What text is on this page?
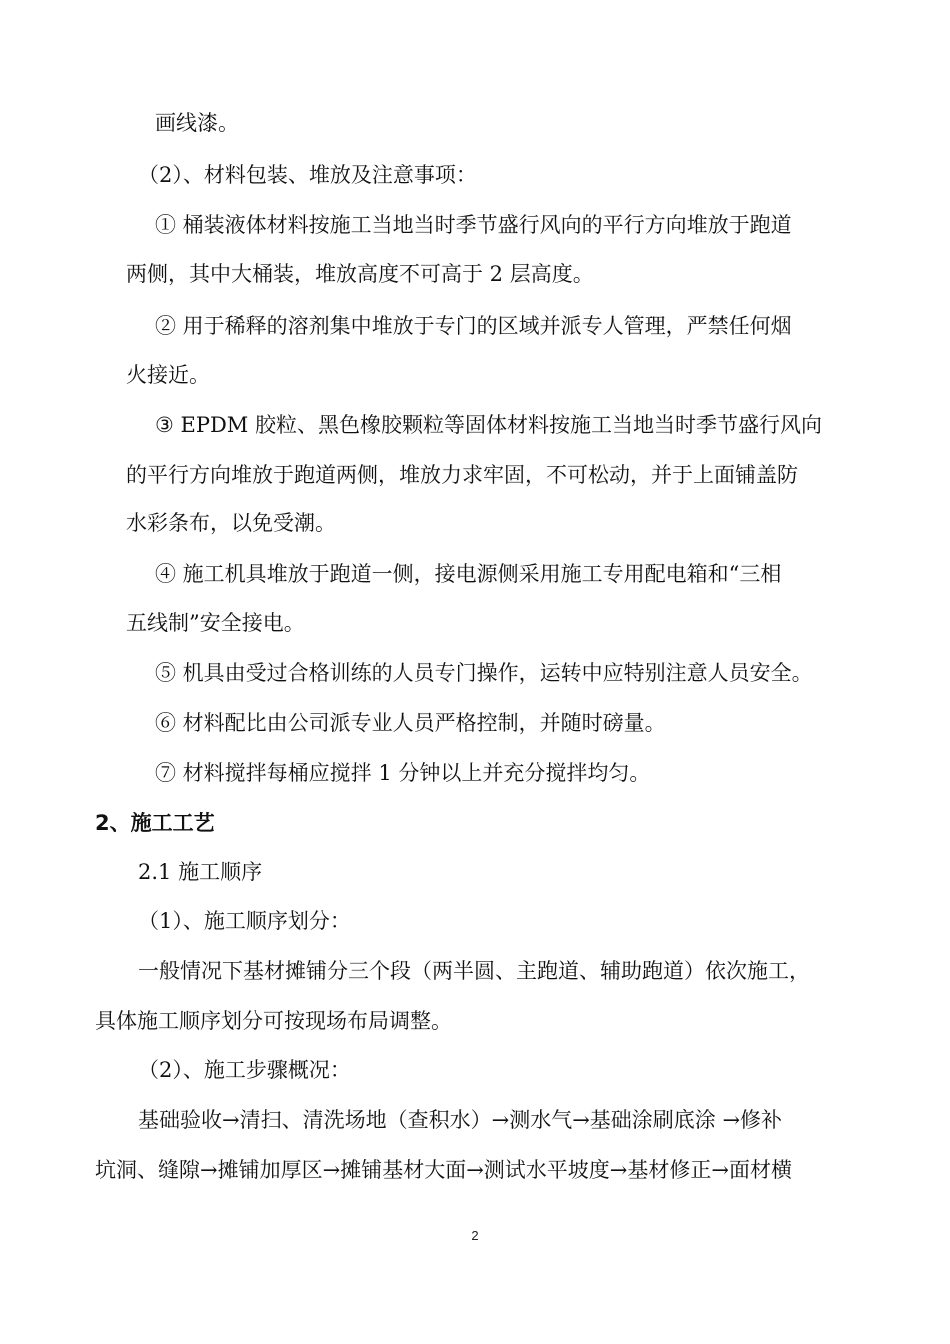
画线漆。
（2）、材料包装、堆放及注意事项：
① 桶装液体材料按施工当地当时季节盛行风向的平行方向堆放于跑道
两侧，其中大桶装，堆放高度不可高于 2 层高度。
② 用于稀释的溶剂集中堆放于专门的区域并派专人管理，严禁任何烟
火接近。
③ EPDM 胶粒、黑色橡胶颗粒等固体材料按施工当地当时季节盛行风向
的平行方向堆放于跑道两侧，堆放力求牢固，不可松动，并于上面铺盖防
水彩条布，以免受潮。
④ 施工机具堆放于跑道一侧，接电源侧采用施工专用配电箱和“三相
五线制”安全接电。
⑤ 机具由受过合格训练的人员专门操作，运转中应特别注意人员安全。
⑥ 材料配比由公司派专业人员严格控制，并随时磅量。
⑦ 材料搅拌每桶应搅拌 1 分钟以上并充分搅拌均匀。
2、施工工艺
2.1 施工顺序
（1）、施工顺序划分：
一般情况下基材摊铺分三个段（两半圆、主跑道、辅助跑道）依次施工，
具体施工顺序划分可按现场布局调整。
（2）、施工步骤概况：
基础验收→清扫、清洗场地（查积水）→测水气→基础涂刷底涂 →修补
坑洞、缝隙→摊铺加厚区→摊铺基材大面→测试水平坡度→基材修正→面材横
2
